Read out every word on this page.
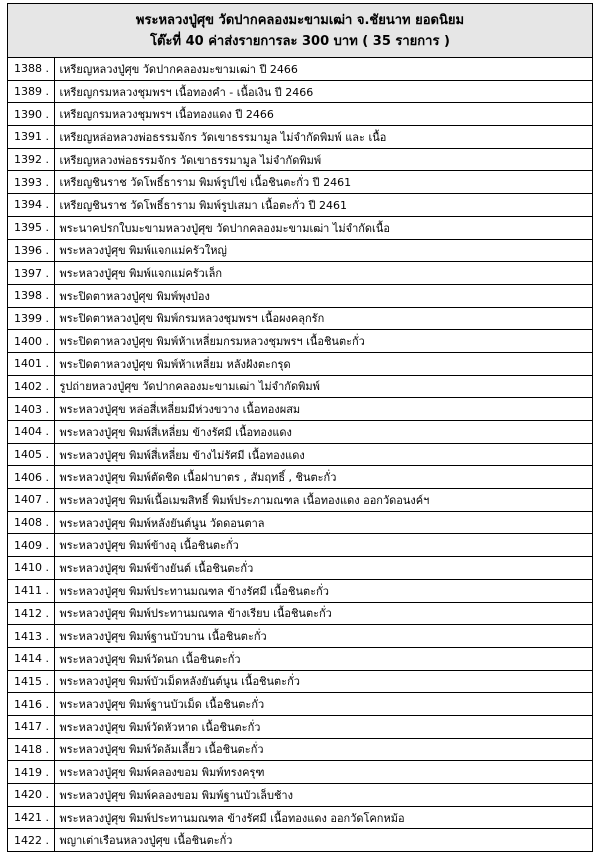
พระหลวงปู่ศุข วัดปากคลองมะขามเฒ่า จ.ชัยนาท ยอดนิยม
โต๊ะที่ 40 ค่าส่งรายการละ 300 บาท ( 35 รายการ )
1388 .	เหรียญหลวงปู่ศุข วัดปากคลองมะขามเฒ่า ปี 2466
1389 .	เหรียญกรมหลวงชุมพรฯ เนื้อทองคำ - เนื้อเงิน ปี 2466
1390 .	เหรียญกรมหลวงชุมพรฯ เนื้อทองแดง ปี 2466
1391 .	เหรียญหล่อหลวงพ่อธรรมจักร วัดเขาธรรมามูล ไม่จำกัดพิมพ์ และ เนื้อ
1392 .	เหรียญหลวงพ่อธรรมจักร วัดเขาธรรมามูล ไม่จำกัดพิมพ์
1393 .	เหรียญชินราช วัดโพธิ์ธาราม พิมพ์รูปไข่ เนื้อชินตะกั่ว ปี 2461
1394 .	เหรียญชินราช วัดโพธิ์ธาราม พิมพ์รูปเสมา เนื้อตะกั่ว ปี 2461
1395 .	พระนาคปรกใบมะขามหลวงปู่ศุข วัดปากคลองมะขามเฒ่า ไม่จำกัดเนื้อ
1396 .	พระหลวงปู่ศุข พิมพ์แจกแม่ครัวใหญ่
1397 .	พระหลวงปู่ศุข พิมพ์แจกแม่ครัวเล็ก
1398 .	พระปิดตาหลวงปู่ศุข พิมพ์พุงป่อง
1399 .	พระปิดตาหลวงปู่ศุข พิมพ์กรมหลวงชุมพรฯ เนื้อผงคลุกรัก
1400 .	พระปิดตาหลวงปู่ศุข พิมพ์ห้าเหลี่ยมกรมหลวงชุมพรฯ เนื้อชินตะกั่ว
1401 .	พระปิดตาหลวงปู่ศุข พิมพ์ห้าเหลี่ยม หลังฝังตะกรุด
1402 .	รูปถ่ายหลวงปู่ศุข วัดปากคลองมะขามเฒ่า ไม่จำกัดพิมพ์
1403 .	พระหลวงปู่ศุข หล่อสี่เหลี่ยมมีห่วงขวาง เนื้อทองผสม
1404 .	พระหลวงปู่ศุข พิมพ์สี่เหลี่ยม ข้างรัศมี เนื้อทองแดง
1405 .	พระหลวงปู่ศุข พิมพ์สี่เหลี่ยม ข้างไม่รัศมี เนื้อทองแดง
1406 .	พระหลวงปู่ศุข พิมพ์ตัดชิด เนื้อฝาบาตร , สัมฤทธิ์ , ชินตะกั่ว
1407 .	พระหลวงปู่ศุข พิมพ์เนื้อเมฆสิทธิ์ พิมพ์ประภามณฑล เนื้อทองแดง ออกวัดอนงค์ฯ
1408 .	พระหลวงปู่ศุข พิมพ์หลังยันต์นูน วัดดอนตาล
1409 .	พระหลวงปู่ศุข พิมพ์ข้างอุ เนื้อชินตะกั่ว
1410 .	พระหลวงปู่ศุข พิมพ์ข้างยันต์ เนื้อชินตะกั่ว
1411 .	พระหลวงปู่ศุข พิมพ์ประทานมณฑล ข้างรัศมี เนื้อชินตะกั่ว
1412 .	พระหลวงปู่ศุข พิมพ์ประทานมณฑล ข้างเรียบ เนื้อชินตะกั่ว
1413 .	พระหลวงปู่ศุข พิมพ์ฐานบัวบาน เนื้อชินตะกั่ว
1414 .	พระหลวงปู่ศุข พิมพ์วัดนก เนื้อชินตะกั่ว
1415 .	พระหลวงปู่ศุข พิมพ์บัวเม็ดหลังยันต์นูน เนื้อชินตะกั่ว
1416 .	พระหลวงปู่ศุข พิมพ์ฐานบัวเม็ด เนื้อชินตะกั่ว
1417 .	พระหลวงปู่ศุข พิมพ์วัดหัวหาด เนื้อชินตะกั่ว
1418 .	พระหลวงปู่ศุข พิมพ์วัดล้มเลี้ยว เนื้อชินตะกั่ว
1419 .	พระหลวงปู่ศุข พิมพ์คลองขอม พิมพ์ทรงครุฑ
1420 .	พระหลวงปู่ศุข พิมพ์คลองขอม พิมพ์ฐานบัวเล็บช้าง
1421 .	พระหลวงปู่ศุข พิมพ์ประทานมณฑล ข้างรัศมี เนื้อทองแดง ออกวัดโคกหม้อ
1422 .	พญาเต่าเรือนหลวงปู่ศุข เนื้อชินตะกั่ว
